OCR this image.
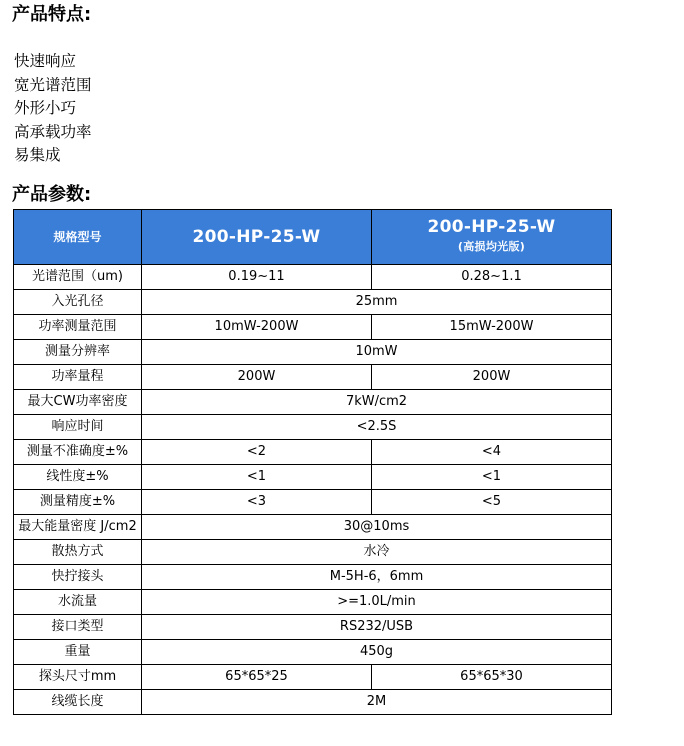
产品特点:
快速响应
宽光谱范围
外形小巧
高承载功率
易集成
产品参数:
规格型号	200-HP-25-W	200-HP-25-W
(高损均光版)

光谱范围（um)	0.19~11	0.28~1.1
入光孔径	25mm	
功率测量范围	10mW-200W	15mW-200W
测量分辨率	10mW	
功率量程	200W	200W
最大CW功率密度	7kW/cm2	
响应时间	<2.5S	
测量不准确度±%	<2	<4
线性度±%	<1	<1
测量精度±%	<3	<5
最大能量密度 J/cm2	30@10ms	
散热方式	水冷	
快拧接头	M-5H-6，6mm	
水流量	>=1.0L/min	
接口类型	RS232/USB	
重量	450g	
探头尺寸mm	65*65*25	65*65*30
线缆长度	2M	
